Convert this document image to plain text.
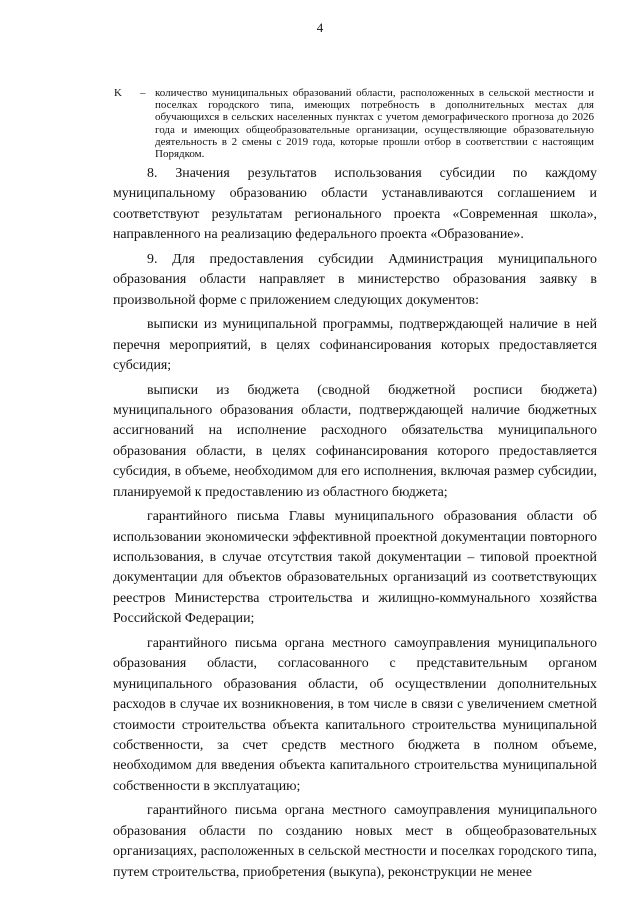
4
K – количество муниципальных образований области, расположенных в сельской местности и поселках городского типа, имеющих потребность в дополнительных местах для обучающихся в сельских населенных пунктах с учетом демографического прогноза до 2026 года и имеющих общеобразовательные организации, осуществляющие образовательную деятельность в 2 смены с 2019 года, которые прошли отбор в соответствии с настоящим Порядком.

8. Значения результатов использования субсидии по каждому муниципальному образованию области устанавливаются соглашением и соответствуют результатам регионального проекта «Современная школа», направленного на реализацию федерального проекта «Образование».

9. Для предоставления субсидии Администрация муниципального образования области направляет в министерство образования заявку в произвольной форме с приложением следующих документов:

выписки из муниципальной программы, подтверждающей наличие в ней перечня мероприятий, в целях софинансирования которых предоставляется субсидия;

выписки из бюджета (сводной бюджетной росписи бюджета) муниципального образования области, подтверждающей наличие бюджетных ассигнований на исполнение расходного обязательства муниципального образования области, в целях софинансирования которого предоставляется субсидия, в объеме, необходимом для его исполнения, включая размер субсидии, планируемой к предоставлению из областного бюджета;

гарантийного письма Главы муниципального образования области об использовании экономически эффективной проектной документации повторного использования, в случае отсутствия такой документации – типовой проектной документации для объектов образовательных организаций из соответствующих реестров Министерства строительства и жилищно-коммунального хозяйства Российской Федерации;

гарантийного письма органа местного самоуправления муниципального образования области, согласованного с представительным органом муниципального образования области, об осуществлении дополнительных расходов в случае их возникновения, в том числе в связи с увеличением сметной стоимости строительства объекта капитального строительства муниципальной собственности, за счет средств местного бюджета в полном объеме, необходимом для введения объекта капитального строительства муниципальной собственности в эксплуатацию;

гарантийного письма органа местного самоуправления муниципального образования области по созданию новых мест в общеобразовательных организациях, расположенных в сельской местности и поселках городского типа, путем строительства, приобретения (выкупа), реконструкции не менее
